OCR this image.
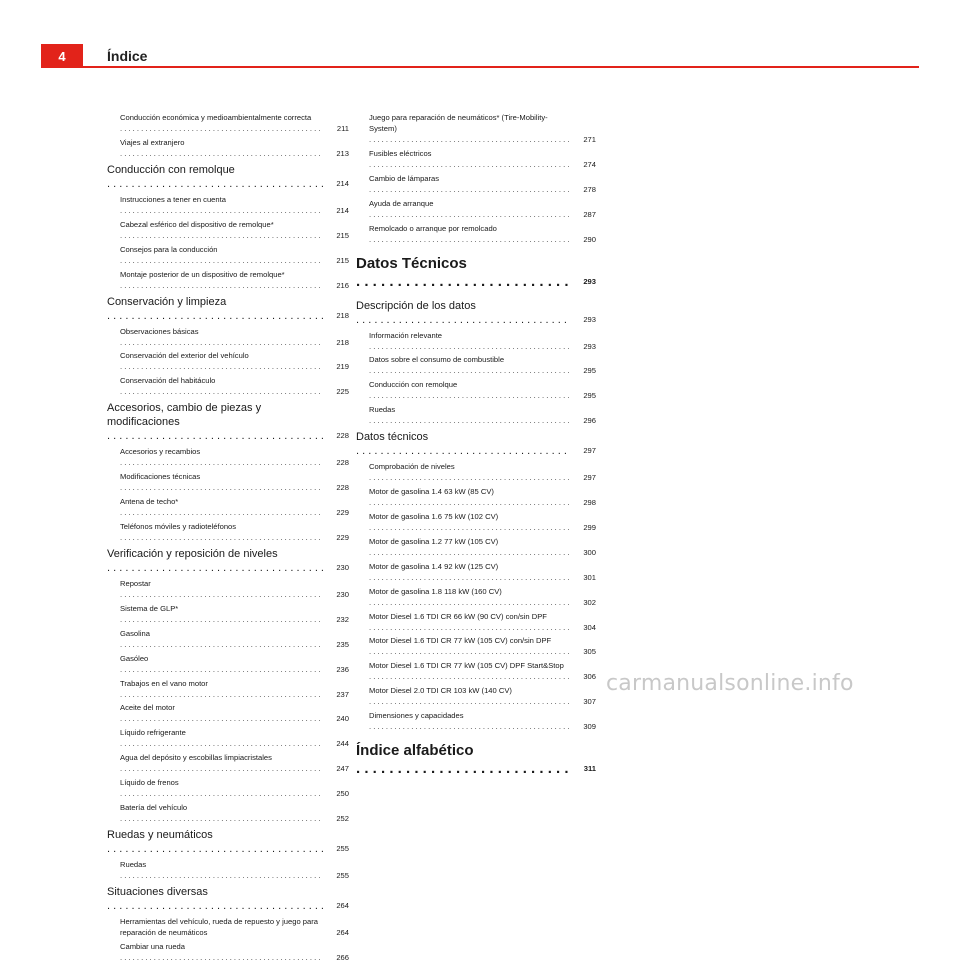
4	Índice
Conducción económica y medioambientalmente correcta . . .
211
Viajes al extranjero . . .
213
Conducción con remolque . . .
214
Instrucciones a tener en cuenta . . .
214
Cabezal esférico del dispositivo de remolque* . . .
215
Consejos para la conducción . . .
215
Montaje posterior de un dispositivo de remolque* . . .
216
Conservación y limpieza . . .
218
Observaciones básicas . . .
218
Conservación del exterior del vehículo . . .
219
Conservación del habitáculo . . .
225
Accesorios, cambio de piezas y modificaciones . . .
228
Accesorios y recambios . . .
228
Modificaciones técnicas . . .
228
Antena de techo* . . .
229
Teléfonos móviles y radioteléfonos . . .
229
Verificación y reposición de niveles . . .
230
Repostar . . .
230
Sistema de GLP* . . .
232
Gasolina . . .
235
Gasóleo . . .
236
Trabajos en el vano motor . . .
237
Aceite del motor . . .
240
Líquido refrigerante . . .
244
Agua del depósito y escobillas limpiacristales . . .
247
Líquido de frenos . . .
250
Batería del vehículo . . .
252
Ruedas y neumáticos . . .
255
Ruedas . . .
255
Situaciones diversas . . .
264
Herramientas del vehículo, rueda de repuesto y juego para reparación de neumáticos	264
Cambiar una rueda . . .
266
Juego para reparación de neumáticos* (Tire-Mobility-System) . . .
271
Fusibles eléctricos . . .
274
Cambio de lámparas . . .
278
Ayuda de arranque . . .
287
Remolcado o arranque por remolcado . . .
290
Datos Técnicos . . .
293
Descripción de los datos . . .
293
Información relevante . . .
293
Datos sobre el consumo de combustible . . .
295
Conducción con remolque . . .
295
Ruedas . . .
296
Datos técnicos . . .
297
Comprobación de niveles . . .
297
Motor de gasolina 1.4 63 kW (85 CV) . . .
298
Motor de gasolina 1.6 75 kW (102 CV) . . .
299
Motor de gasolina 1.2 77 kW (105 CV) . . .
300
Motor de gasolina 1.4 92 kW (125 CV) . . .
301
Motor de gasolina 1.8 118 kW (160 CV) . . .
302
Motor Diesel 1.6 TDI CR 66 kW (90 CV) con/sin DPF . . .
304
Motor Diesel 1.6 TDI CR 77 kW (105 CV) con/sin DPF . . .
305
Motor Diesel 1.6 TDI CR 77 kW (105 CV) DPF Start&Stop . . .
306
Motor Diesel 2.0 TDI CR 103 kW (140 CV) . . .
307
Dimensiones y capacidades . . .
309
Índice alfabético . . .
311
carmanualsonline.info
